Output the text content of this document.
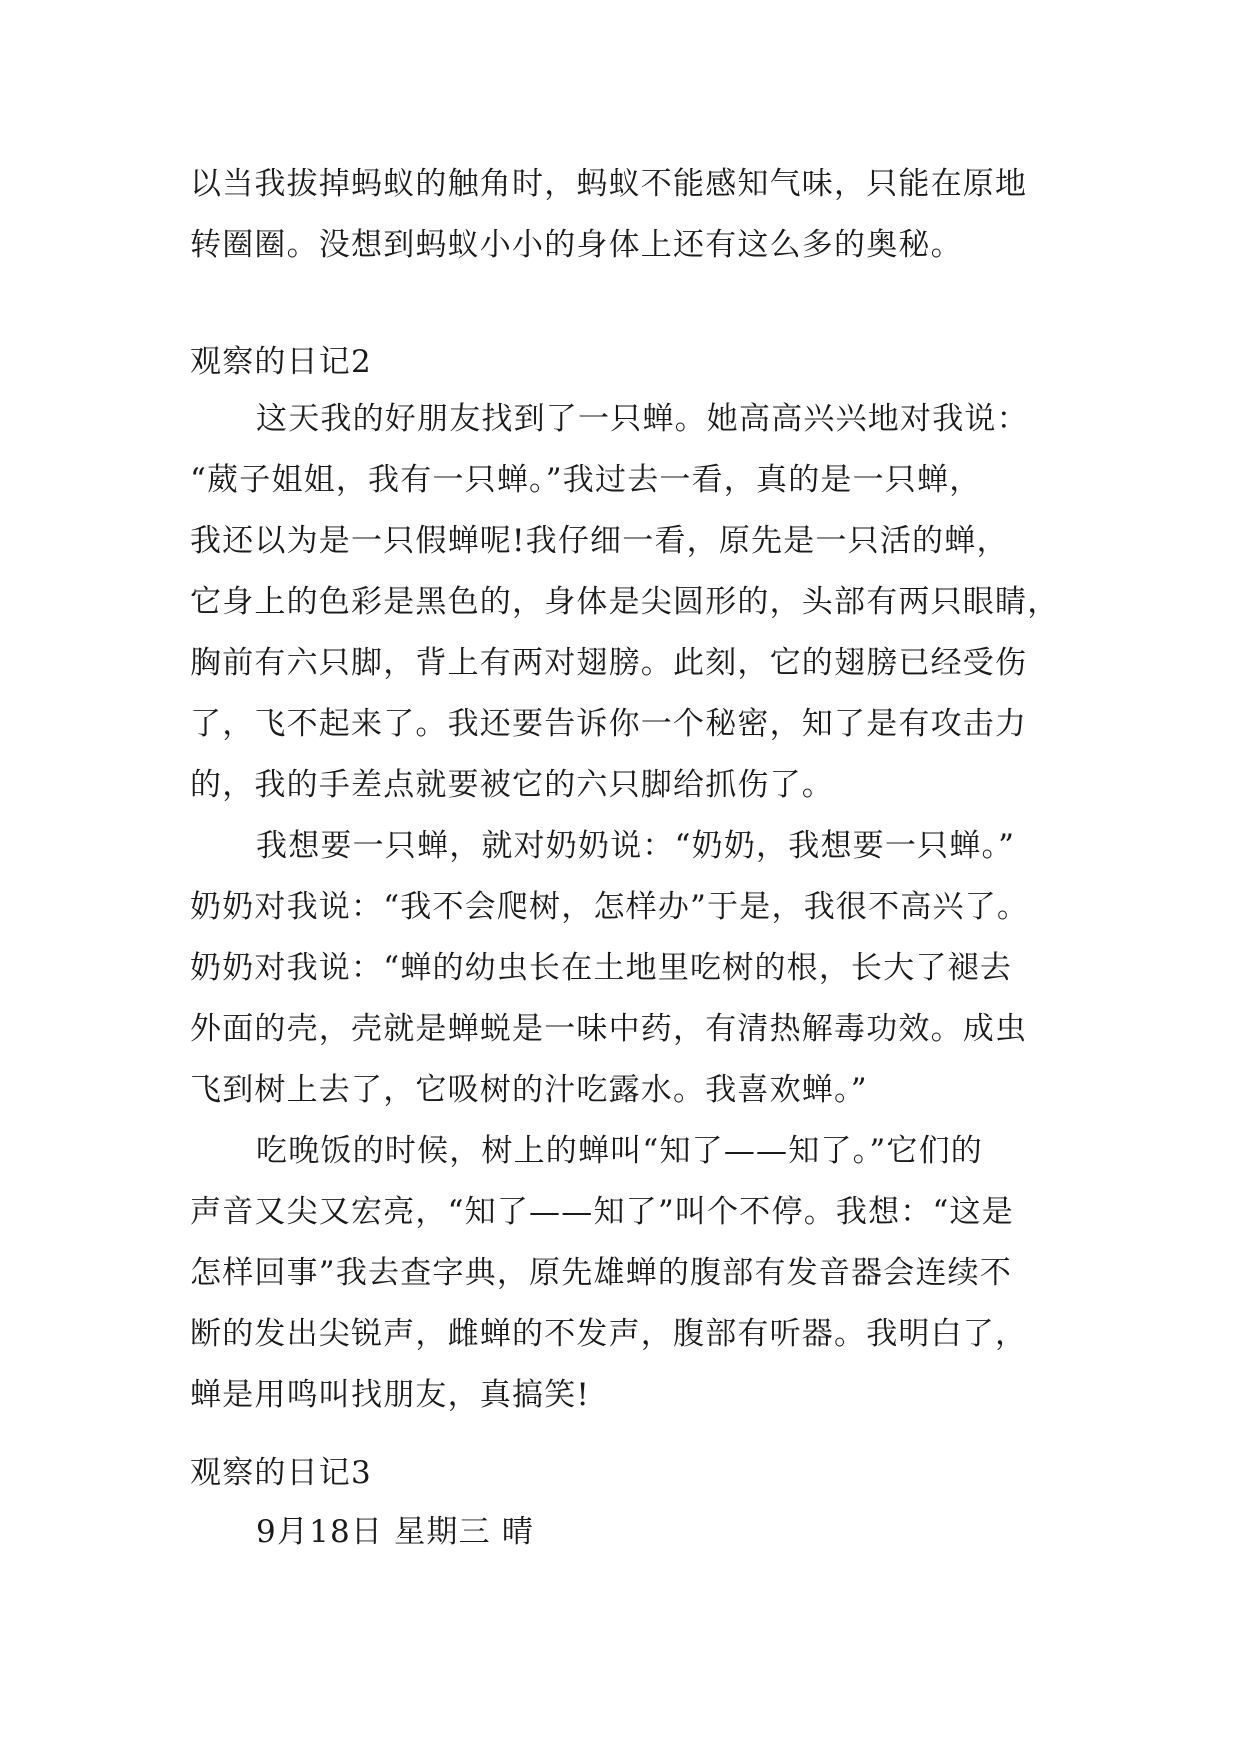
以当我拔掉蚂蚁的触角时，蚂蚁不能感知气味，只能在原地
转圈圈。没想到蚂蚁小小的身体上还有这么多的奥秘。
观察的日记2
这天我的好朋友找到了一只蝉。她高高兴兴地对我说：
“葳子姐姐，我有一只蝉。”我过去一看，真的是一只蝉，
我还以为是一只假蝉呢!我仔细一看，原先是一只活的蝉，
它身上的色彩是黑色的，身体是尖圆形的，头部有两只眼睛，
胸前有六只脚，背上有两对翅膀。此刻，它的翅膀已经受伤
了，飞不起来了。我还要告诉你一个秘密，知了是有攻击力
的，我的手差点就要被它的六只脚给抓伤了。
我想要一只蝉，就对奶奶说：“奶奶，我想要一只蝉。”
奶奶对我说：“我不会爬树，怎样办”于是，我很不高兴了。
奶奶对我说：“蝉的幼虫长在土地里吃树的根，长大了褪去
外面的壳，壳就是蝉蜕是一味中药，有清热解毒功效。成虫
飞到树上去了，它吸树的汁吃露水。我喜欢蝉。”
吃晚饭的时候，树上的蝉叫“知了——知了。”它们的
声音又尖又宏亮，“知了——知了”叫个不停。我想：“这是
怎样回事”我去查字典，原先雄蝉的腹部有发音器会连续不
断的发出尖锐声，雌蝉的不发声，腹部有听器。我明白了，
蝉是用鸣叫找朋友，真搞笑!
观察的日记3
9月18日 星期三 晴
